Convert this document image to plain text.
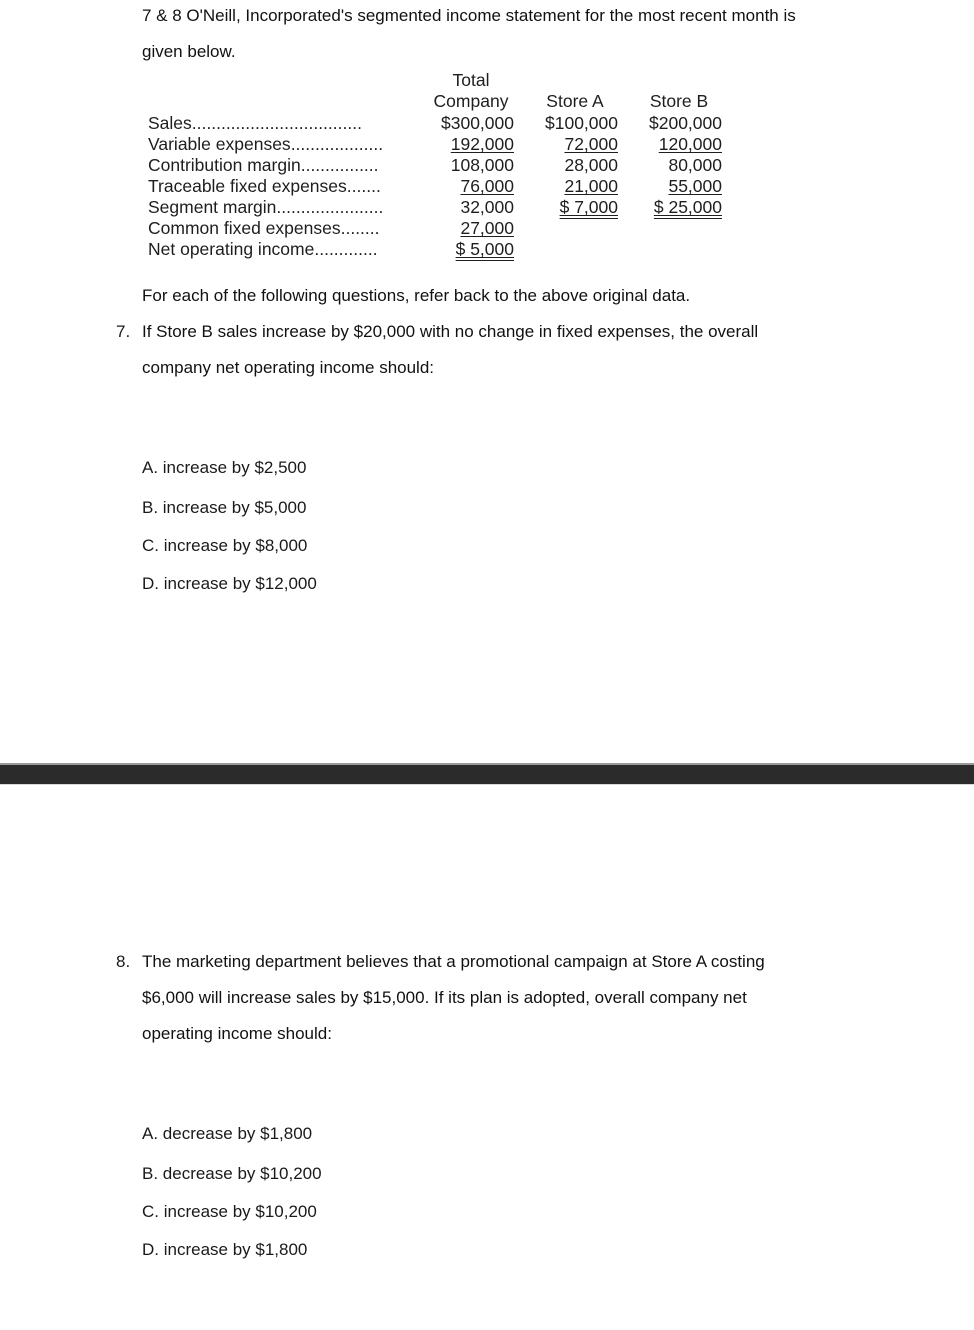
7 & 8 O'Neill, Incorporated's segmented income statement for the most recent month is
given below.
Total
Company	Store A	Store B
Sales...................................	$300,000	$100,000	$200,000
Variable expenses...................	192,000	72,000	120,000
Contribution margin................	108,000	28,000	80,000
Traceable fixed expenses.......	76,000	21,000	55,000
Segment margin......................	32,000	$ 7,000	$ 25,000
Common fixed expenses........	27,000
Net operating income.............	$ 5,000
For each of the following questions, refer back to the above original data.
7. If Store B sales increase by $20,000 with no change in fixed expenses, the overall
company net operating income should:
A. increase by $2,500
B. increase by $5,000
C. increase by $8,000
D. increase by $12,000
8. The marketing department believes that a promotional campaign at Store A costing
$6,000 will increase sales by $15,000. If its plan is adopted, overall company net
operating income should:
A. decrease by $1,800
B. decrease by $10,200
C. increase by $10,200
D. increase by $1,800
